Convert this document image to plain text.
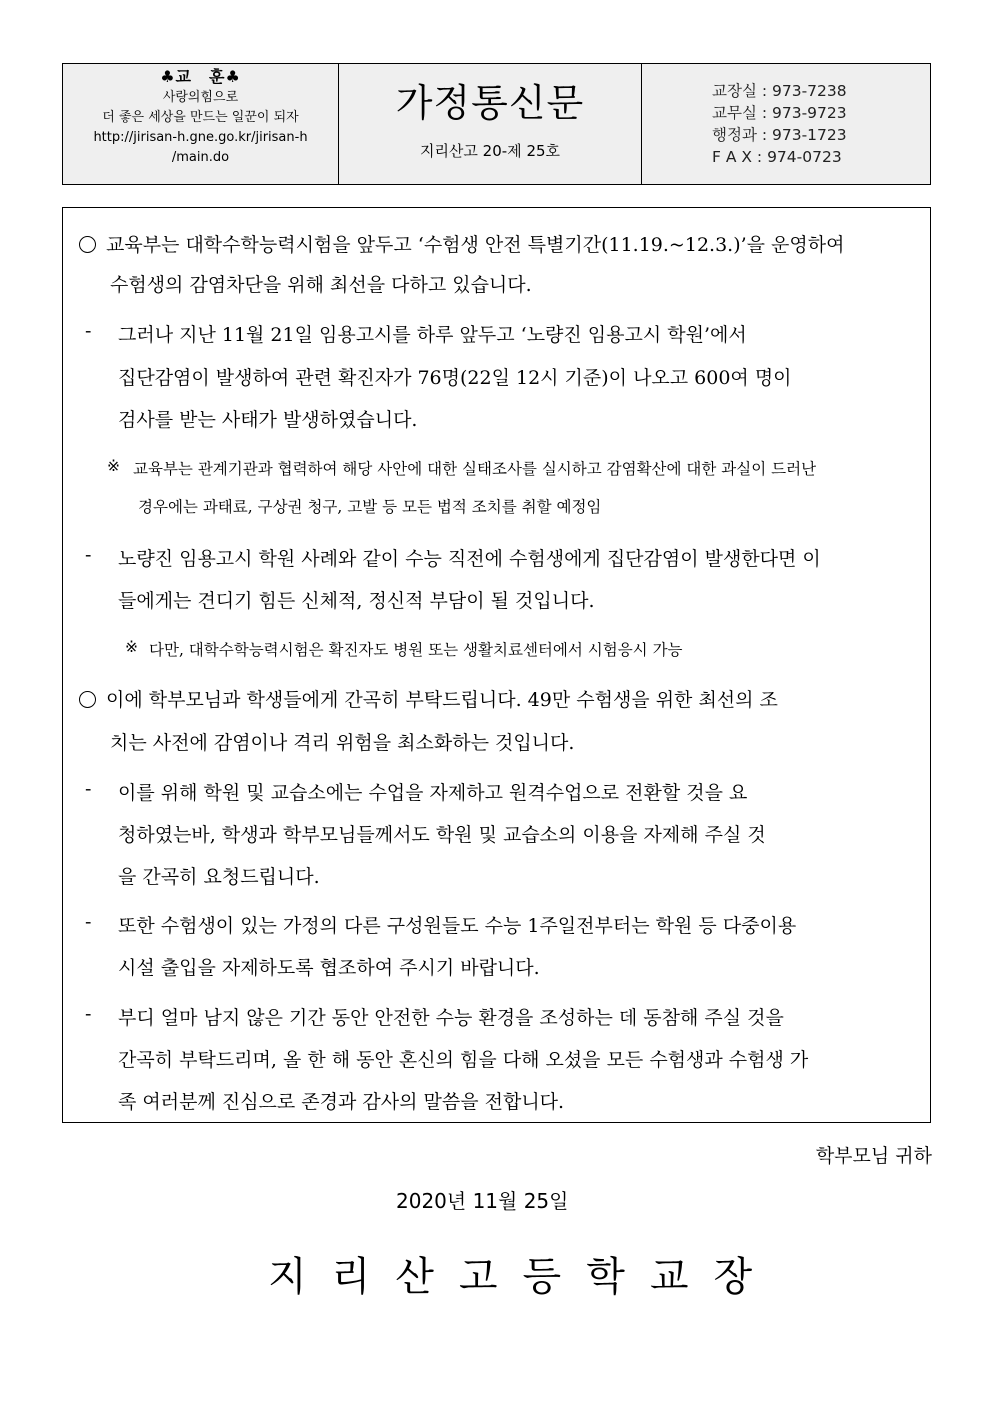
♣교　훈♣
사랑의힘으로
더 좋은 세상을 만드는 일꾼이 되자
http://jirisan-h.gne.go.kr/jirisan-h
/main.do
가정통신문
지리산고 20-제 25호
교장실 : 973-7238
교무실 : 973-9723
행정과 : 973-1723
F A X : 974-0723
교육부는 대학수학능력시험을 앞두고 ‘수험생 안전 특별기간(11.19.~12.3.)’을 운영하여
수험생의 감염차단을 위해 최선을 다하고 있습니다.
- 그러나 지난 11월 21일 임용고시를 하루 앞두고 ‘노량진 임용고시 학원’에서
집단감염이 발생하여 관련 확진자가 76명(22일 12시 기준)이 나오고 600여 명이
검사를 받는 사태가 발생하였습니다.
※ 교육부는 관계기관과 협력하여 해당 사안에 대한 실태조사를 실시하고 감염확산에 대한 과실이 드러난
경우에는 과태료, 구상권 청구, 고발 등 모든 법적 조치를 취할 예정임
- 노량진 임용고시 학원 사례와 같이 수능 직전에 수험생에게 집단감염이 발생한다면 이
들에게는 견디기 힘든 신체적, 정신적 부담이 될 것입니다.
※ 다만, 대학수학능력시험은 확진자도 병원 또는 생활치료센터에서 시험응시 가능
이에 학부모님과 학생들에게 간곡히 부탁드립니다. 49만 수험생을 위한 최선의 조
치는 사전에 감염이나 격리 위험을 최소화하는 것입니다.
- 이를 위해 학원 및 교습소에는 수업을 자제하고 원격수업으로 전환할 것을 요
청하였는바, 학생과 학부모님들께서도 학원 및 교습소의 이용을 자제해 주실 것
을 간곡히 요청드립니다.
- 또한 수험생이 있는 가정의 다른 구성원들도 수능 1주일전부터는 학원 등 다중이용
시설 출입을 자제하도록 협조하여 주시기 바랍니다.
- 부디 얼마 남지 않은 기간 동안 안전한 수능 환경을 조성하는 데 동참해 주실 것을
간곡히 부탁드리며, 올 한 해 동안 혼신의 힘을 다해 오셨을 모든 수험생과 수험생 가
족 여러분께 진심으로 존경과 감사의 말씀을 전합니다.
학부모님 귀하
2020년 11월 25일
지리산고등학교장
